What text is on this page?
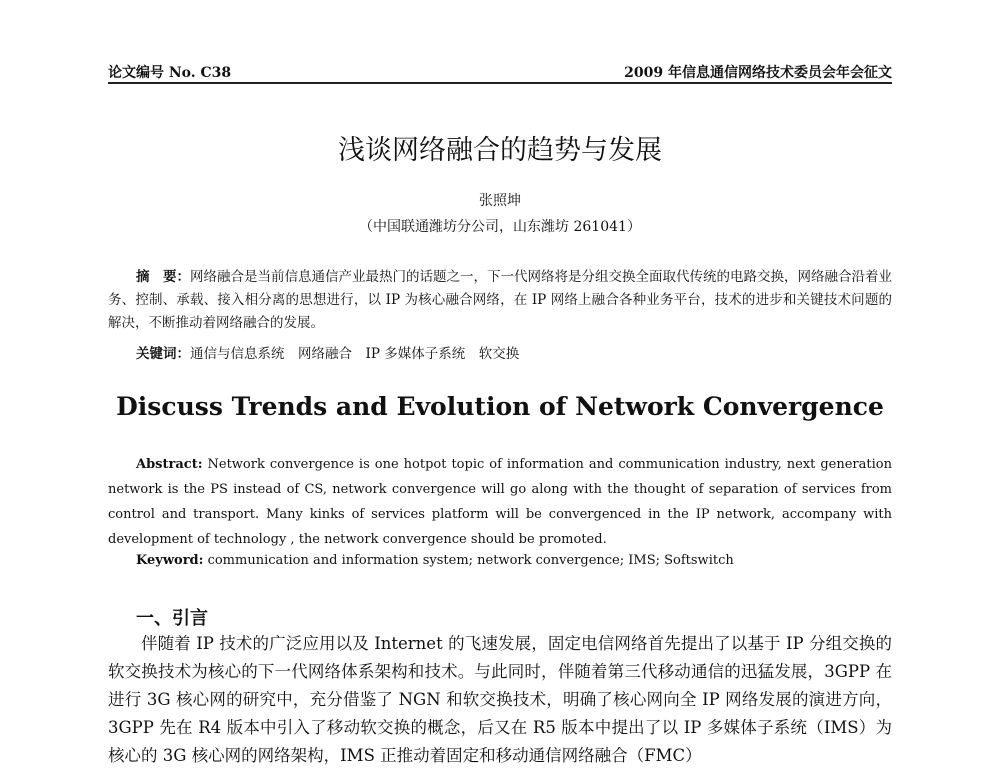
论文编号 No. C38	2009 年信息通信网络技术委员会年会征文
浅谈网络融合的趋势与发展
张照坤
（中国联通潍坊分公司，山东潍坊 261041）
摘　要：网络融合是当前信息通信产业最热门的话题之一，下一代网络将是分组交换全面取代传统的电路交换，网络融合沿着业务、控制、承载、接入相分离的思想进行，以 IP 为核心融合网络，在 IP 网络上融合各种业务平台，技术的进步和关键技术问题的解决，不断推动着网络融合的发展。
关键词：通信与信息系统　网络融合　IP 多媒体子系统　软交换
Discuss Trends and Evolution of Network Convergence
Abstract: Network convergence is one hotpot topic of information and communication industry, next generation network is the PS instead of CS, network convergence will go along with the thought of separation of services from control and transport. Many kinks of services platform will be convergenced in the IP network, accompany with development of technology , the network convergence should be promoted.
Keyword: communication and information system; network convergence; IMS; Softswitch
一、引言
伴随着 IP 技术的广泛应用以及 Internet 的飞速发展，固定电信网络首先提出了以基于 IP 分组交换的软交换技术为核心的下一代网络体系架构和技术。与此同时，伴随着第三代移动通信的迅猛发展，3GPP 在进行 3G 核心网的研究中，充分借鉴了 NGN 和软交换技术，明确了核心网向全 IP 网络发展的演进方向，3GPP 先在 R4 版本中引入了移动软交换的概念，后又在 R5 版本中提出了以 IP 多媒体子系统（IMS）为核心的 3G 核心网的网络架构，IMS 正推动着固定和移动通信网络融合（FMC）
